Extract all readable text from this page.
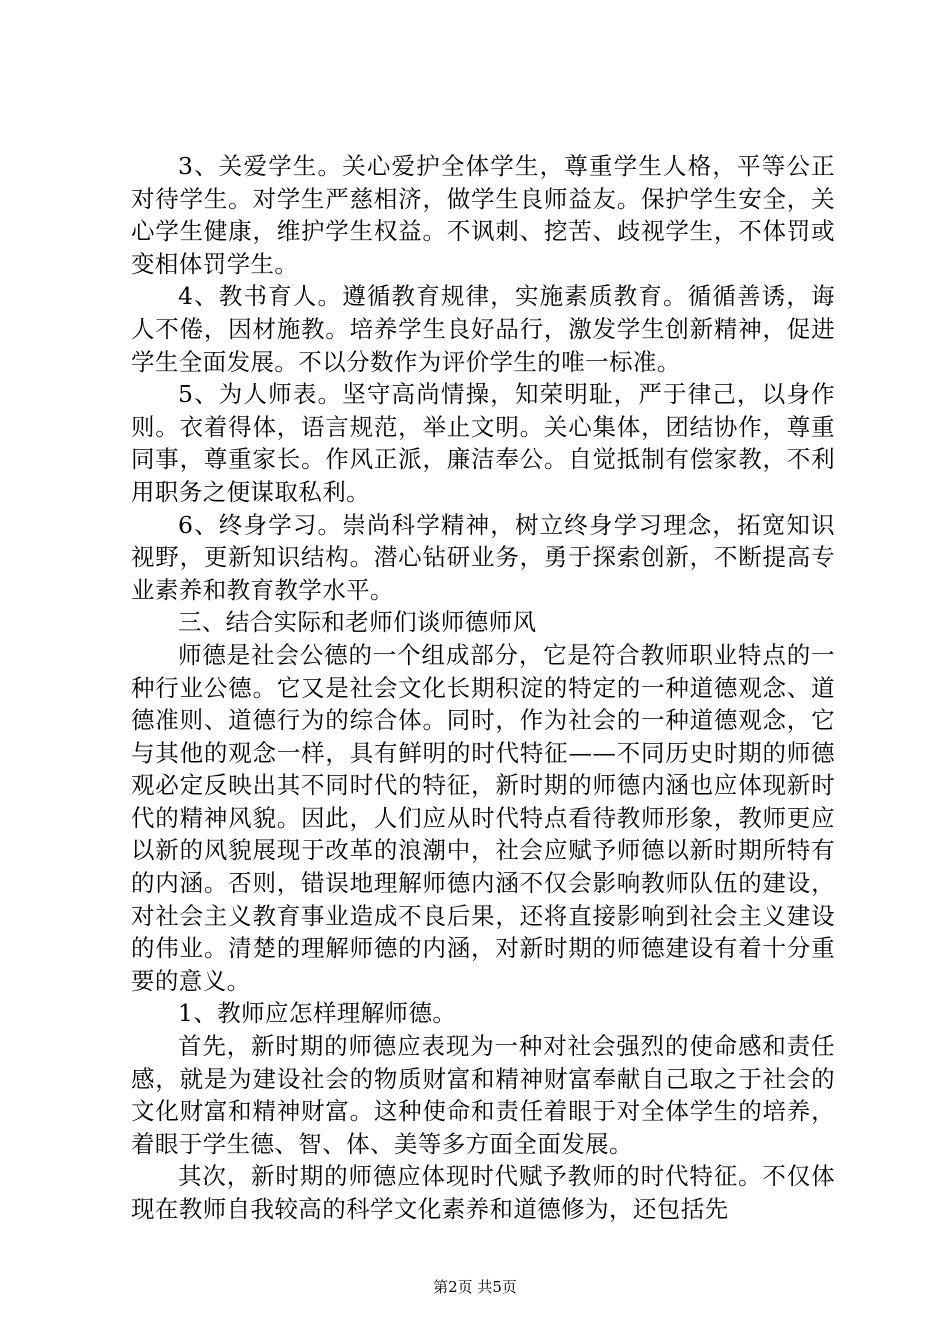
3、关爱学生。关心爱护全体学生，尊重学生人格，平等公正对待学生。对学生严慈相济，做学生良师益友。保护学生安全，关心学生健康，维护学生权益。不讽刺、挖苦、歧视学生，不体罚或变相体罚学生。

4、教书育人。遵循教育规律，实施素质教育。循循善诱，诲人不倦，因材施教。培养学生良好品行，激发学生创新精神，促进学生全面发展。不以分数作为评价学生的唯一标准。

5、为人师表。坚守高尚情操，知荣明耻，严于律己，以身作则。衣着得体，语言规范，举止文明。关心集体，团结协作，尊重同事，尊重家长。作风正派，廉洁奉公。自觉抵制有偿家教，不利用职务之便谋取私利。

6、终身学习。崇尚科学精神，树立终身学习理念，拓宽知识视野，更新知识结构。潜心钻研业务，勇于探索创新，不断提高专业素养和教育教学水平。

三、结合实际和老师们谈师德师风

师德是社会公德的一个组成部分，它是符合教师职业特点的一种行业公德。它又是社会文化长期积淀的特定的一种道德观念、道德准则、道德行为的综合体。同时，作为社会的一种道德观念，它与其他的观念一样，具有鲜明的时代特征——不同历史时期的师德观必定反映出其不同时代的特征，新时期的师德内涵也应体现新时代的精神风貌。因此，人们应从时代特点看待教师形象，教师更应以新的风貌展现于改革的浪潮中，社会应赋予师德以新时期所特有的内涵。否则，错误地理解师德内涵不仅会影响教师队伍的建设，对社会主义教育事业造成不良后果，还将直接影响到社会主义建设的伟业。清楚的理解师德的内涵，对新时期的师德建设有着十分重要的意义。

1、教师应怎样理解师德。

首先，新时期的师德应表现为一种对社会强烈的使命感和责任感，就是为建设社会的物质财富和精神财富奉献自己取之于社会的文化财富和精神财富。这种使命和责任着眼于对全体学生的培养，着眼于学生德、智、体、美等多方面全面发展。

其次，新时期的师德应体现时代赋予教师的时代特征。不仅体现在教师自我较高的科学文化素养和道德修为，还包括先

第2页 共5页
